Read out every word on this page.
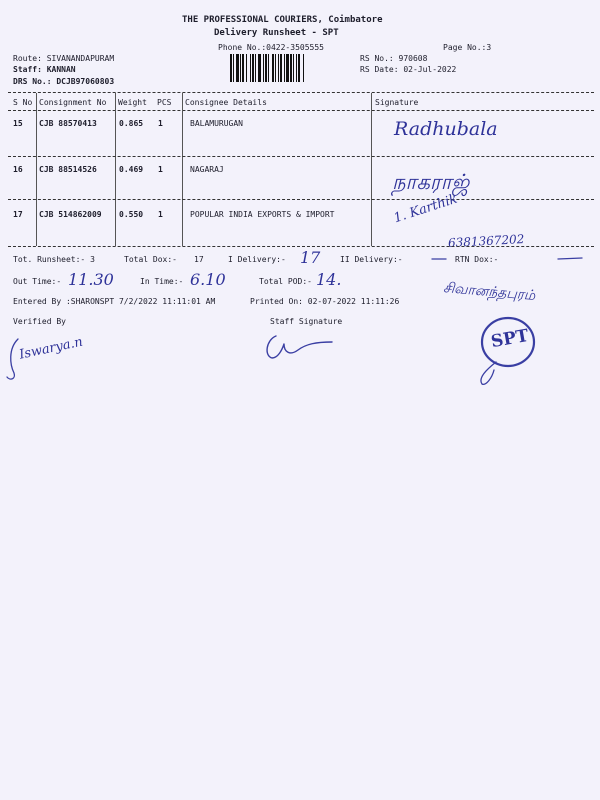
THE PROFESSIONAL COURIERS, Coimbatore
Delivery Runsheet - SPT
Phone No.:0422-3505555	Page No.:3
Route: SIVANANDAPURAM
Staff: KANNAN
DRS No.: DCJB97060803
RS No.: 970608
RS Date: 02-Jul-2022
S No Consignment No Weight PCS Consignee Details	Signature
15 CJB 88570413	0.865 1	BALAMURUGAN	Radhubala
16 CJB 88514526	0.469 1	NAGARAJ
நாகராஜ்
17 CJB 514862009 0.550 1	POPULAR INDIA EXPORTS & IMPORT	1. Karthik
6381367202
Tot. Runsheet:- 3	Total Dox:- 17	I Delivery:- 17 II Delivery:-	RTN Dox:-
Out Time:- 11.30	In Time:- 6.10	Total POD:- 14.
சிவானந்தபுரம்
Entered By :SHARONSPT 7/2/2022 11:11:01 AM	Printed On: 02-07-2022 11:11:26
Verified By
Iswarya.n
Staff Signature
SPT
